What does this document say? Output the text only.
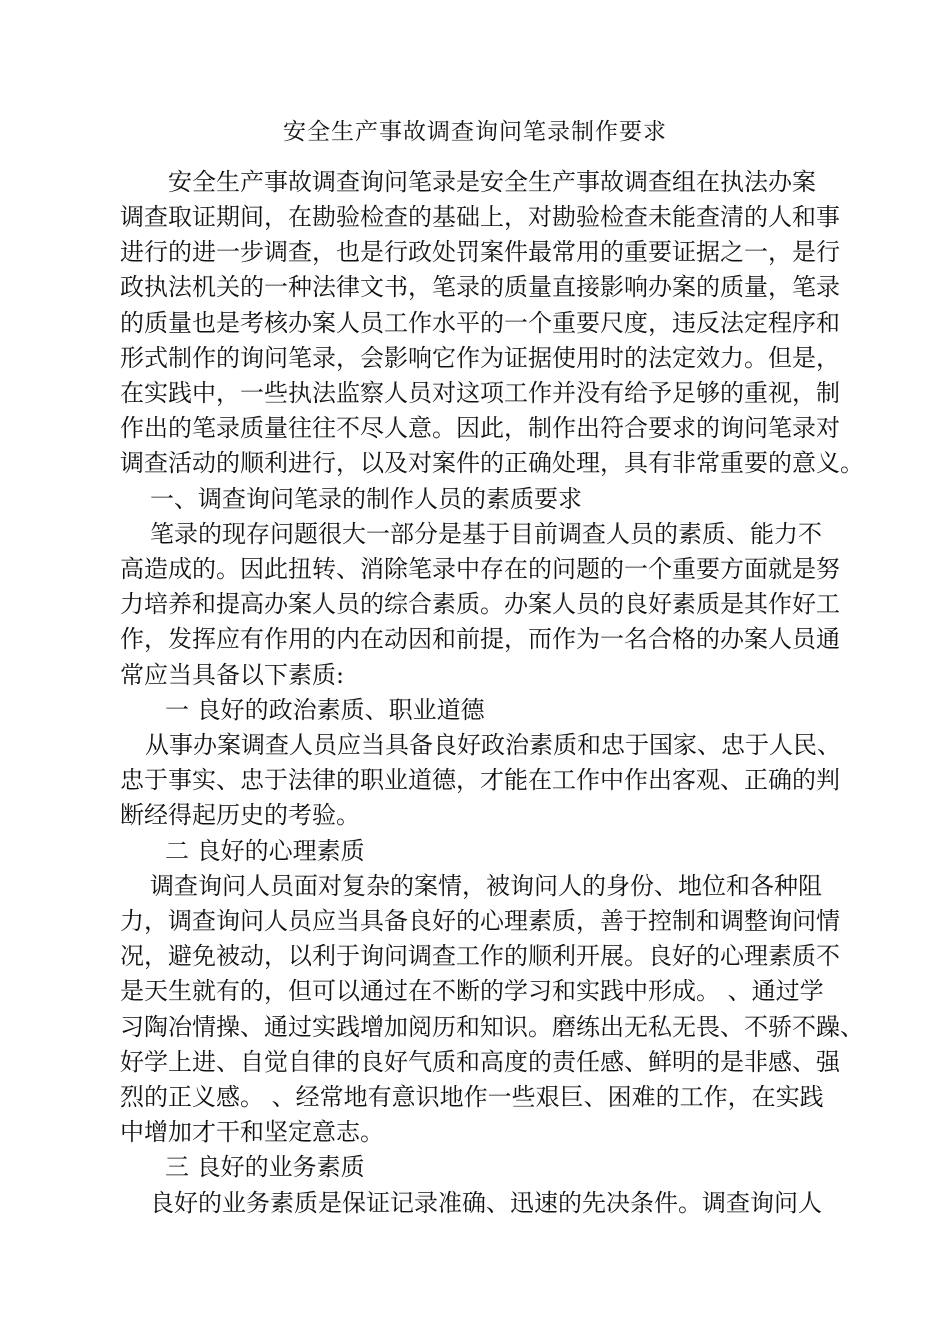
安全生产事故调查询问笔录制作要求
安全生产事故调查询问笔录是安全生产事故调查组在执法办案
调查取证期间，在勘验检查的基础上，对勘验检查未能查清的人和事
进行的进一步调查，也是行政处罚案件最常用的重要证据之一，是行
政执法机关的一种法律文书，笔录的质量直接影响办案的质量，笔录
的质量也是考核办案人员工作水平的一个重要尺度，违反法定程序和
形式制作的询问笔录，会影响它作为证据使用时的法定效力。但是，
在实践中，一些执法监察人员对这项工作并没有给予足够的重视，制
作出的笔录质量往往不尽人意。因此，制作出符合要求的询问笔录对
调查活动的顺利进行，以及对案件的正确处理，具有非常重要的意义。
一、调查询问笔录的制作人员的素质要求
笔录的现存问题很大一部分是基于目前调查人员的素质、能力不
高造成的。因此扭转、消除笔录中存在的问题的一个重要方面就是努
力培养和提高办案人员的综合素质。办案人员的良好素质是其作好工
作，发挥应有作用的内在动因和前提，而作为一名合格的办案人员通
常应当具备以下素质:
一 良好的政治素质、职业道德
从事办案调查人员应当具备良好政治素质和忠于国家、忠于人民、
忠于事实、忠于法律的职业道德，才能在工作中作出客观、正确的判
断经得起历史的考验。
二 良好的心理素质
调查询问人员面对复杂的案情，被询问人的身份、地位和各种阻
力，调查询问人员应当具备良好的心理素质，善于控制和调整询问情
况，避免被动，以利于询问调查工作的顺利开展。良好的心理素质不
是天生就有的，但可以通过在不断的学习和实践中形成。 、通过学
习陶冶情操、通过实践增加阅历和知识。磨练出无私无畏、不骄不躁、
好学上进、自觉自律的良好气质和高度的责任感、鲜明的是非感、强
烈的正义感。 、经常地有意识地作一些艰巨、困难的工作，在实践
中增加才干和坚定意志。
三 良好的业务素质
良好的业务素质是保证记录准确、迅速的先决条件。调查询问人
